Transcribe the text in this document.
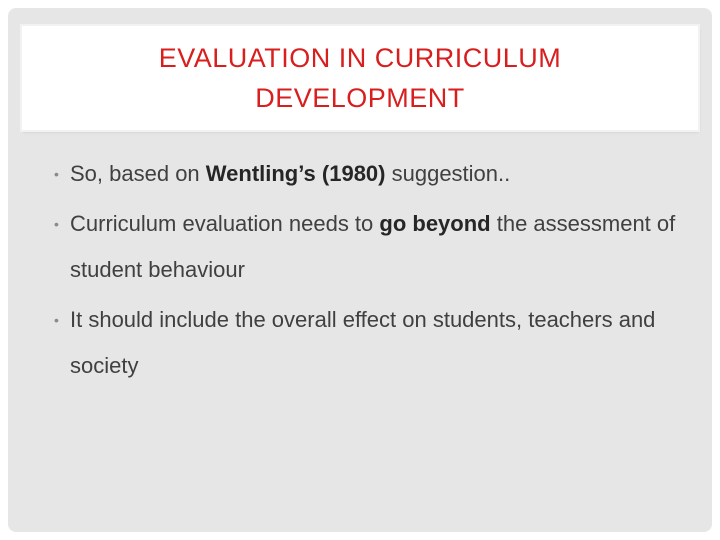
EVALUATION IN CURRICULUM
DEVELOPMENT
• So, based on Wentling’s (1980) suggestion..
• Curriculum evaluation needs to go beyond the assessment of student behaviour
• It should include the overall effect on students, teachers and society
